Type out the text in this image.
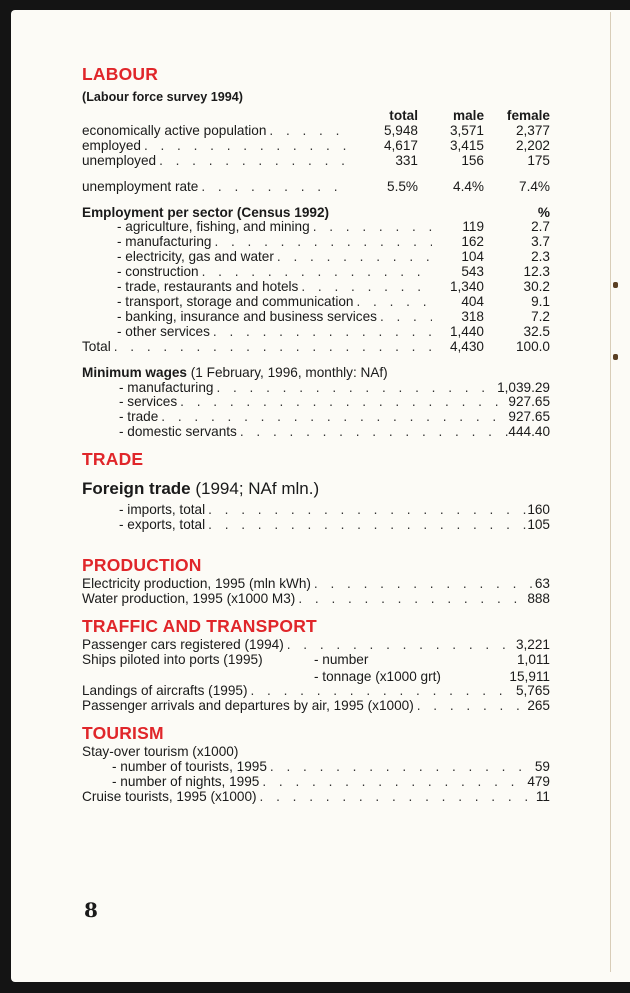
LABOUR
(Labour force survey 1994)
total	male	female
economically active population . . .	5,948	3,571	2,377
employed . . .	4,617	3,415	2,202
unemployed . . .	331	156	175
unemployment rate . . .	5.5%	4.4%	7.4%
Employment per sector (Census 1992)	%
- agriculture, fishing, and mining . . .	119	2.7
- manufacturing . . .	162	3.7
- electricity, gas and water . . .	104	2.3
- construction . . .	543	12.3
- trade, restaurants and hotels . . .	1,340	30.2
- transport, storage and communication . . .	404	9.1
- banking, insurance and business services . . .	318	7.2
- other services . . .	1,440	32.5
Total . . .	4,430	100.0
Minimum wages (1 February, 1996, monthly: NAf)
- manufacturing . . .	1,039.29
- services . . .	927.65
- trade . . .	927.65
- domestic servants . . .	444.40
TRADE
Foreign trade (1994; NAf mln.)
- imports, total . . .	160
- exports, total . . .	105
PRODUCTION
Electricity production, 1995 (mln kWh) . . .	63
Water production, 1995 (x1000 M3) . . .	888
TRAFFIC AND TRANSPORT
Passenger cars registered (1994) . . .	3,221
Ships piloted into ports (1995)	- number	1,011
- tonnage (x1000 grt)	15,911
Landings of aircrafts (1995) . . .	5,765
Passenger arrivals and departures by air, 1995 (x1000) . . .	265
TOURISM
Stay-over tourism (x1000)
- number of tourists, 1995 . . .	59
- number of nights, 1995 . . .	479
Cruise tourists, 1995 (x1000) . . .	11
8
